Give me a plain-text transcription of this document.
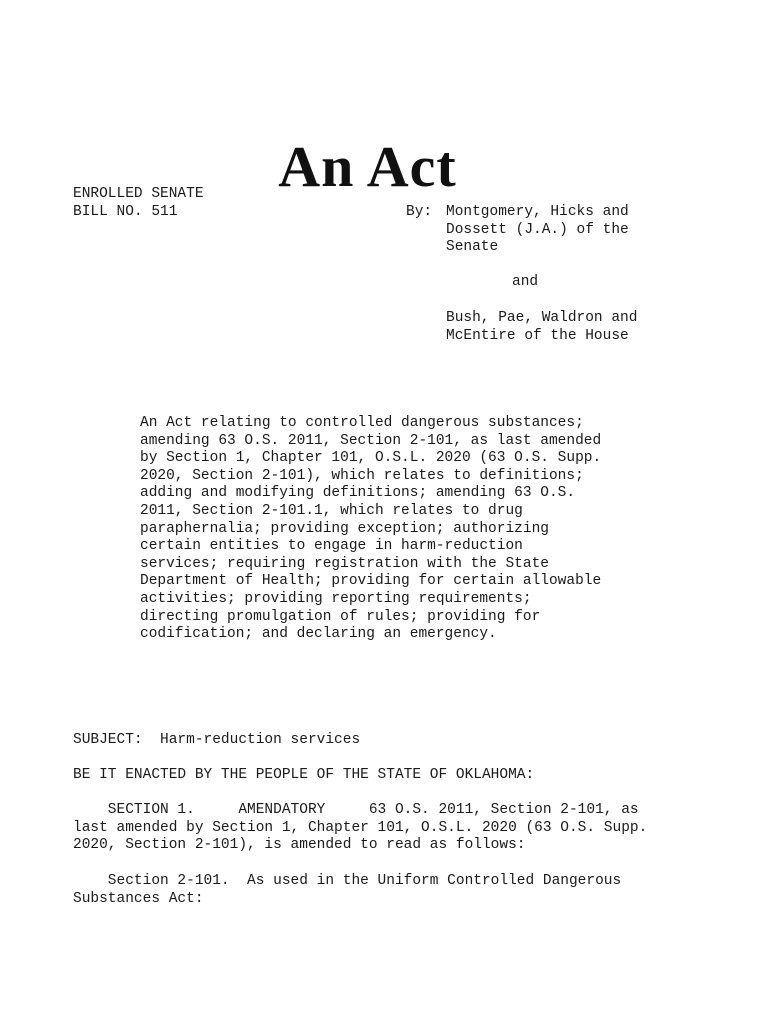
An Act
ENROLLED SENATE
BILL NO. 511	By: Montgomery, Hicks and
Dossett (J.A.) of the
Senate
and
Bush, Pae, Waldron and
McEntire of the House
An Act relating to controlled dangerous substances;
amending 63 O.S. 2011, Section 2-101, as last amended
by Section 1, Chapter 101, O.S.L. 2020 (63 O.S. Supp.
2020, Section 2-101), which relates to definitions;
adding and modifying definitions; amending 63 O.S.
2011, Section 2-101.1, which relates to drug
paraphernalia; providing exception; authorizing
certain entities to engage in harm-reduction
services; requiring registration with the State
Department of Health; providing for certain allowable
activities; providing reporting requirements;
directing promulgation of rules; providing for
codification; and declaring an emergency.
SUBJECT:  Harm-reduction services
BE IT ENACTED BY THE PEOPLE OF THE STATE OF OKLAHOMA:
SECTION 1.     AMENDATORY     63 O.S. 2011, Section 2-101, as
last amended by Section 1, Chapter 101, O.S.L. 2020 (63 O.S. Supp.
2020, Section 2-101), is amended to read as follows:
Section 2-101.  As used in the Uniform Controlled Dangerous
Substances Act:
